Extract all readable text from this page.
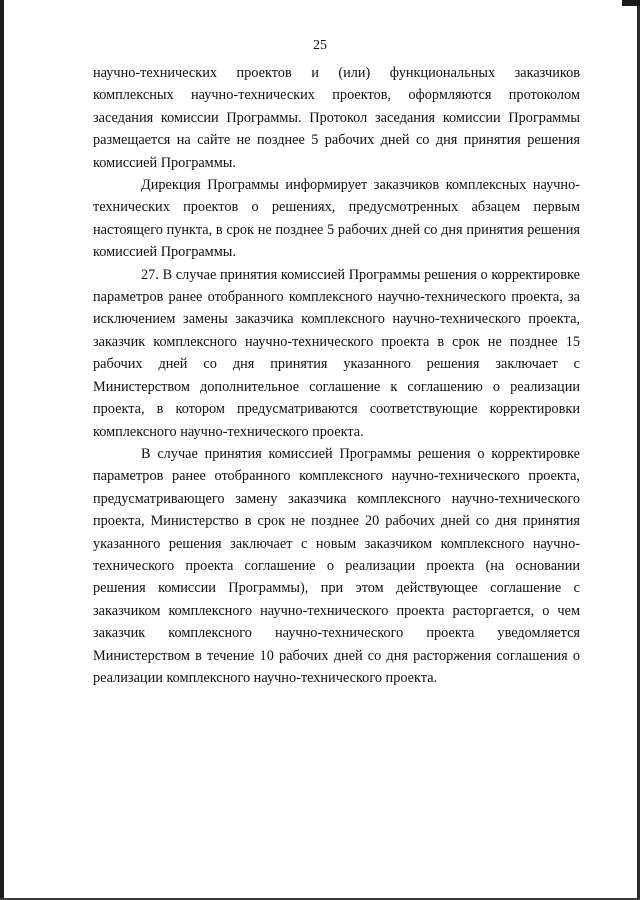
25

научно-технических проектов и (или) функциональных заказчиков комплексных научно-технических проектов, оформляются протоколом заседания комиссии Программы. Протокол заседания комиссии Программы размещается на сайте не позднее 5 рабочих дней со дня принятия решения комиссией Программы.

Дирекция Программы информирует заказчиков комплексных научно-технических проектов о решениях, предусмотренных абзацем первым настоящего пункта, в срок не позднее 5 рабочих дней со дня принятия решения комиссией Программы.

27. В случае принятия комиссией Программы решения о корректировке параметров ранее отобранного комплексного научно-технического проекта, за исключением замены заказчика комплексного научно-технического проекта, заказчик комплексного научно-технического проекта в срок не позднее 15 рабочих дней со дня принятия указанного решения заключает с Министерством дополнительное соглашение к соглашению о реализации проекта, в котором предусматриваются соответствующие корректировки комплексного научно-технического проекта.

В случае принятия комиссией Программы решения о корректировке параметров ранее отобранного комплексного научно-технического проекта, предусматривающего замену заказчика комплексного научно-технического проекта, Министерство в срок не позднее 20 рабочих дней со дня принятия указанного решения заключает с новым заказчиком комплексного научно-технического проекта соглашение о реализации проекта (на основании решения комиссии Программы), при этом действующее соглашение с заказчиком комплексного научно-технического проекта расторгается, о чем заказчик комплексного научно-технического проекта уведомляется Министерством в течение 10 рабочих дней со дня расторжения соглашения о реализации комплексного научно-технического проекта.
